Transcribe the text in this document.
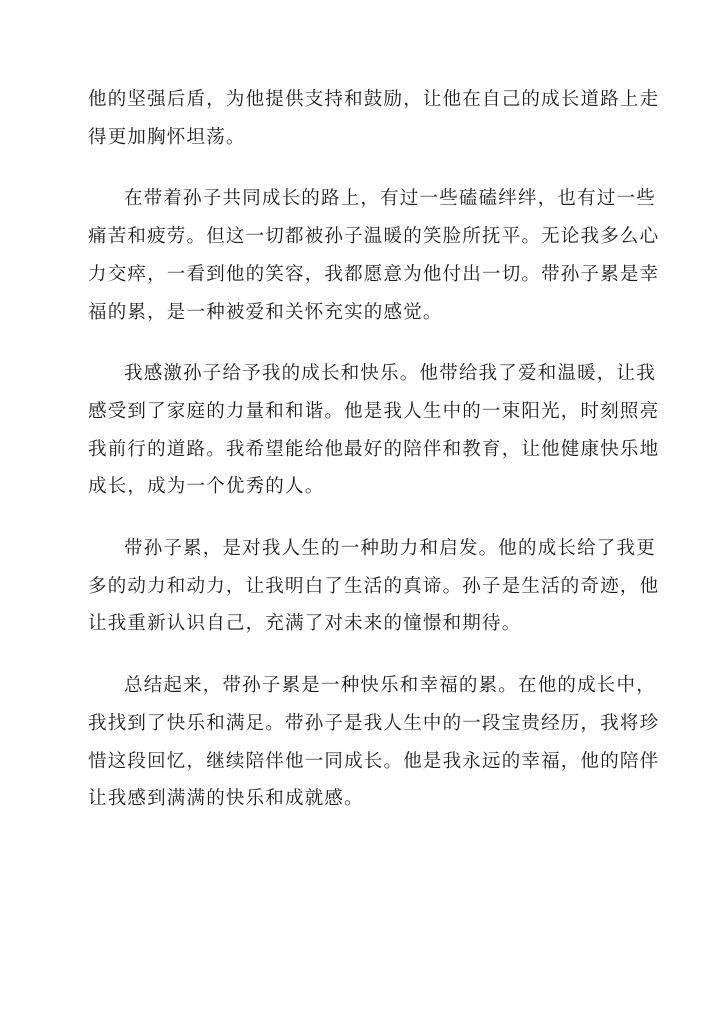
他的坚强后盾，为他提供支持和鼓励，让他在自己的成长道路上走
得更加胸怀坦荡。

在带着孙子共同成长的路上，有过一些磕磕绊绊，也有过一些
痛苦和疲劳。但这一切都被孙子温暖的笑脸所抚平。无论我多么心
力交瘁，一看到他的笑容，我都愿意为他付出一切。带孙子累是幸
福的累，是一种被爱和关怀充实的感觉。

我感激孙子给予我的成长和快乐。他带给我了爱和温暖，让我
感受到了家庭的力量和和谐。他是我人生中的一束阳光，时刻照亮
我前行的道路。我希望能给他最好的陪伴和教育，让他健康快乐地
成长，成为一个优秀的人。

带孙子累，是对我人生的一种助力和启发。他的成长给了我更
多的动力和动力，让我明白了生活的真谛。孙子是生活的奇迹，他
让我重新认识自己，充满了对未来的憧憬和期待。

总结起来，带孙子累是一种快乐和幸福的累。在他的成长中，
我找到了快乐和满足。带孙子是我人生中的一段宝贵经历，我将珍
惜这段回忆，继续陪伴他一同成长。他是我永远的幸福，他的陪伴
让我感到满满的快乐和成就感。
